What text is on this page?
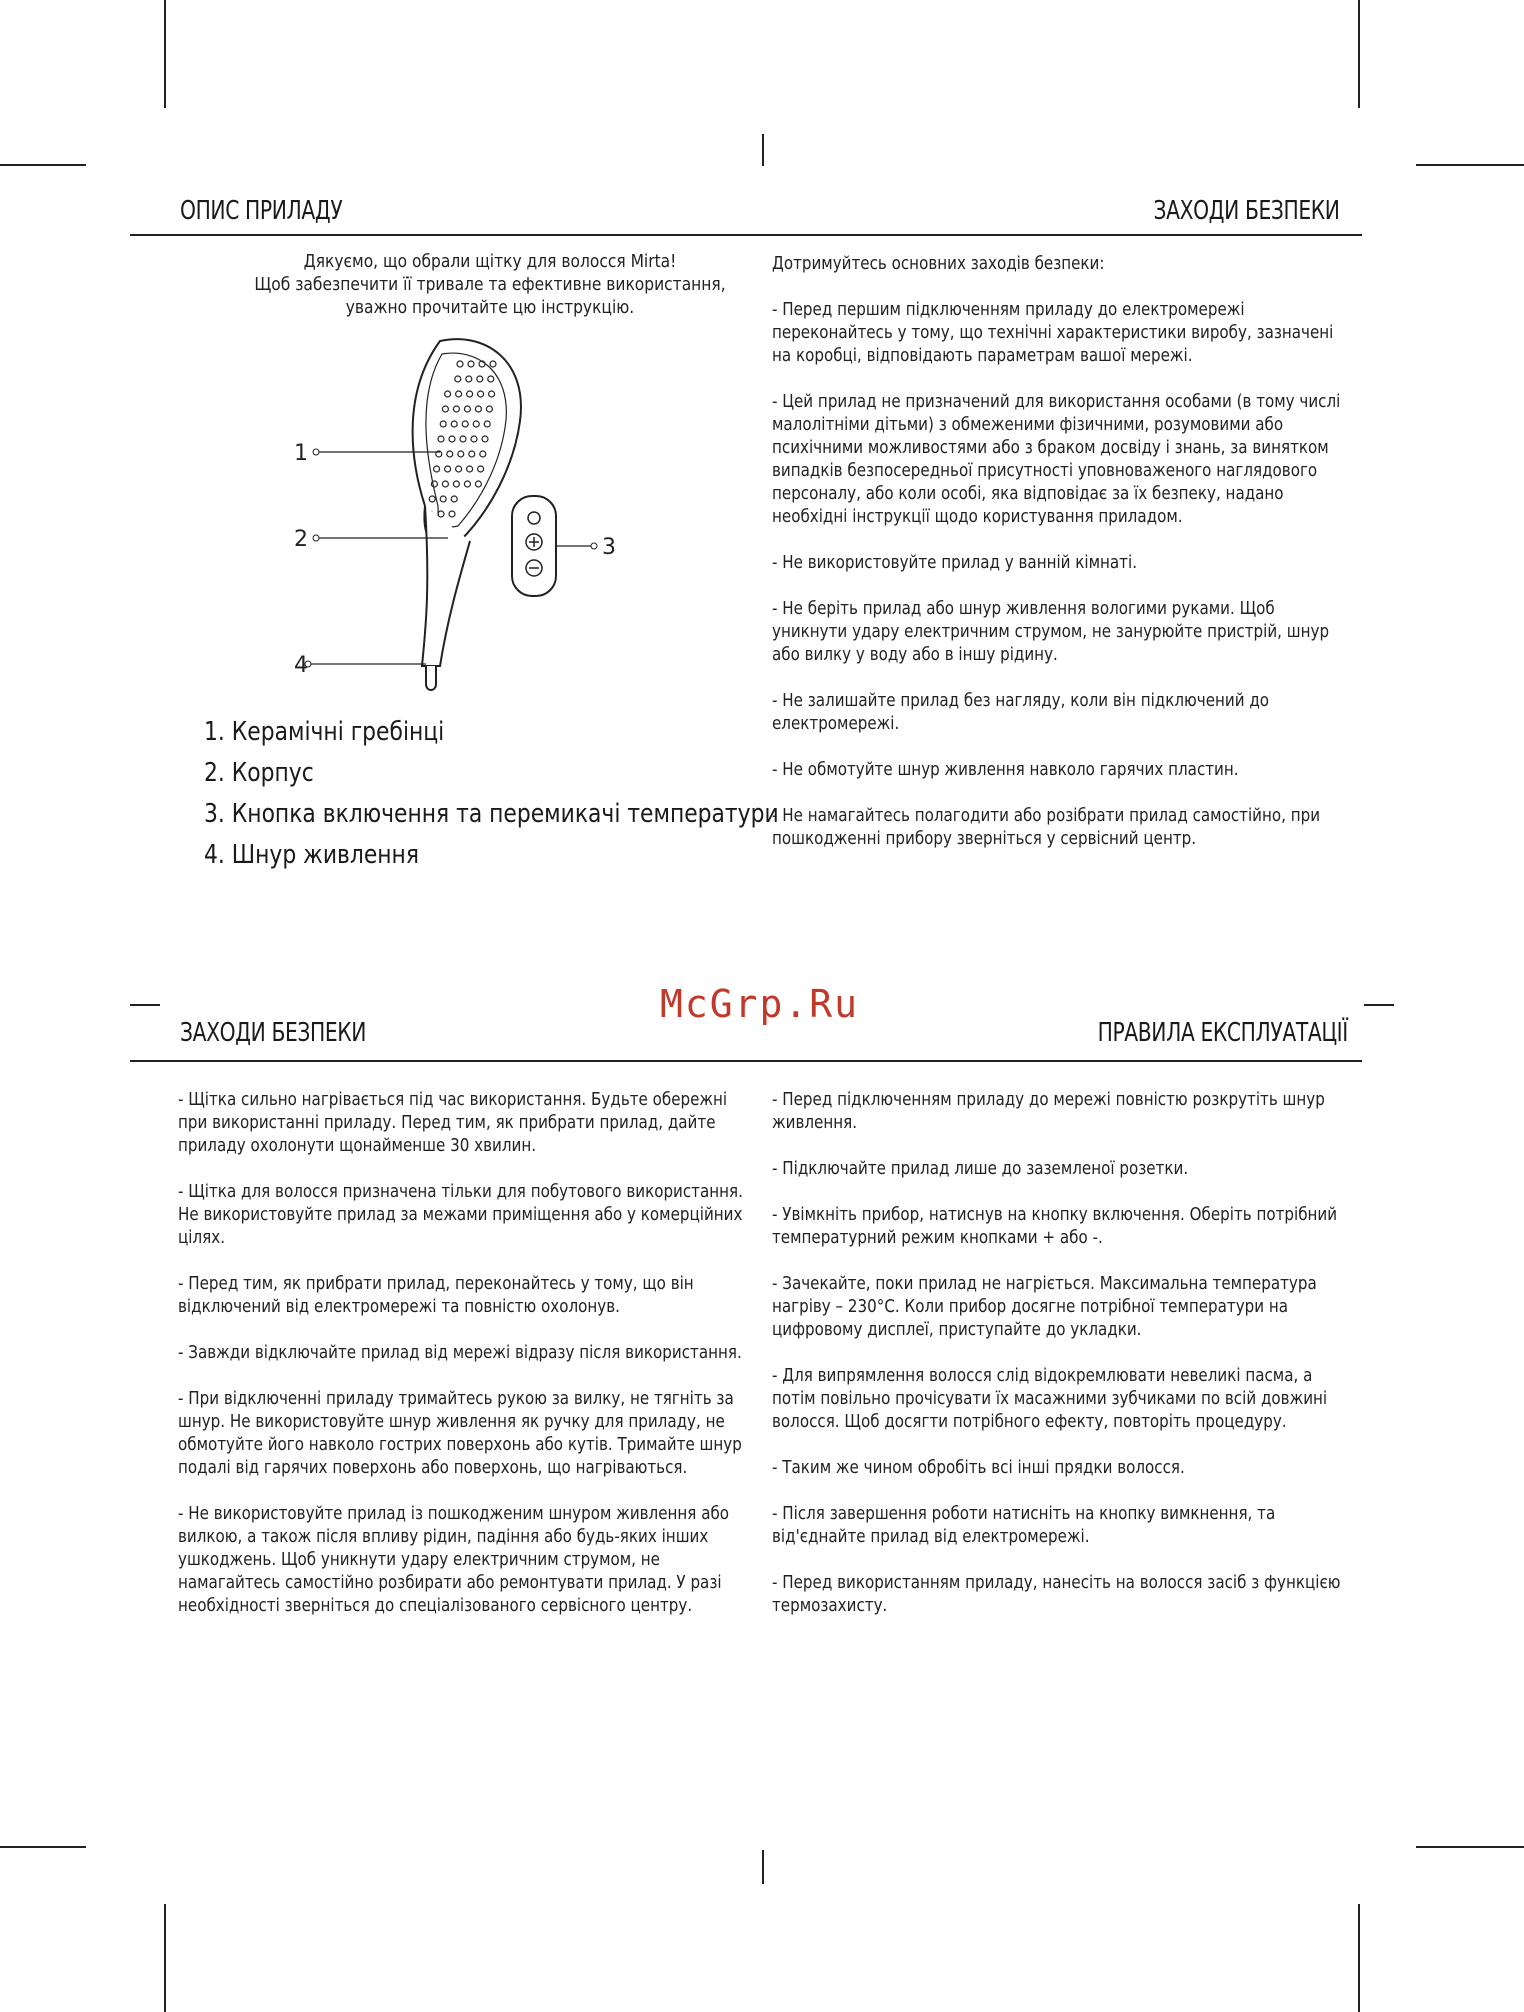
ОПИС ПРИЛАДУ	ЗАХОДИ БЕЗПЕКИ
Дякуємо, що обрали щітку для волосся Mirta!
Щоб забезпечити її тривале та ефективне використання,
уважно прочитайте цю інструкцію.
1
2	3
4
1. Керамічні гребінці
2. Корпус
3. Кнопка включення та перемикачі температури
4. Шнур живлення

Дотримуйтесь основних заходів безпеки:

- Перед першим підключенням приладу до електромережі переконайтесь у тому, що технічні характеристики виробу, зазначені на коробці, відповідають параметрам вашої мережі.

- Цей прилад не призначений для використання особами (в тому числі малолітніми дітьми) з обмеженими фізичними, розумовими або психічними можливостями або з браком досвіду і знань, за винятком випадків безпосередньої присутності уповноваженого наглядового персоналу, або коли особі, яка відповідає за їх безпеку, надано необхідні інструкції щодо користування приладом.

- Не використовуйте прилад у ванній кімнаті.

- Не беріть прилад або шнур живлення вологими руками. Щоб уникнути удару електричним струмом, не занурюйте пристрій, шнур або вилку у воду або в іншу рідину.

- Не залишайте прилад без нагляду, коли він підключений до електромережі.

- Не обмотуйте шнур живлення навколо гарячих пластин.

- Не намагайтесь полагодити або розібрати прилад самостійно, при пошкодженні прибору зверніться у сервісний центр.

McGrp.Ru
ЗАХОДИ БЕЗПЕКИ	ПРАВИЛА ЕКСПЛУАТАЦІЇ

- Щітка сильно нагрівається під час використання. Будьте обережні при використанні приладу. Перед тим, як прибрати прилад, дайте приладу охолонути щонайменше 30 хвилин.

- Щітка для волосся призначена тільки для побутового використання. Не використовуйте прилад за межами приміщення або у комерційних цілях.

- Перед тим, як прибрати прилад, переконайтесь у тому, що він відключений від електромережі та повністю охолонув.

- Завжди відключайте прилад від мережі відразу після використання.

- При відключенні приладу тримайтесь рукою за вилку, не тягніть за шнур. Не використовуйте шнур живлення як ручку для приладу, не обмотуйте його навколо гострих поверхонь або кутів. Тримайте шнур подалі від гарячих поверхонь або поверхонь, що нагріваються.

- Не використовуйте прилад із пошкодженим шнуром живлення або вилкою, а також після впливу рідин, падіння або будь-яких інших ушкоджень. Щоб уникнути удару електричним струмом, не намагайтесь самостійно розбирати або ремонтувати прилад. У разі необхідності зверніться до спеціалізованого сервісного центру.

- Перед підключенням приладу до мережі повністю розкрутіть шнур живлення.

- Підключайте прилад лише до заземленої розетки.

- Увімкніть прибор, натиснув на кнопку включення. Оберіть потрібний температурний режим кнопками + або -.

- Зачекайте, поки прилад не нагріється. Максимальна температура нагріву – 230°С. Коли прибор досягне потрібної температури на цифровому дисплеї, приступайте до укладки.

- Для випрямлення волосся слід відокремлювати невеликі пасма, а потім повільно прочісувати їх масажними зубчиками по всій довжині волосся. Щоб досягти потрібного ефекту, повторіть процедуру.

- Таким же чином обробіть всі інші прядки волосся.

- Після завершення роботи натисніть на кнопку вимкнення, та від'єднайте прилад від електромережі.

- Перед використанням приладу, нанесіть на волосся засіб з функцією термозахисту.
